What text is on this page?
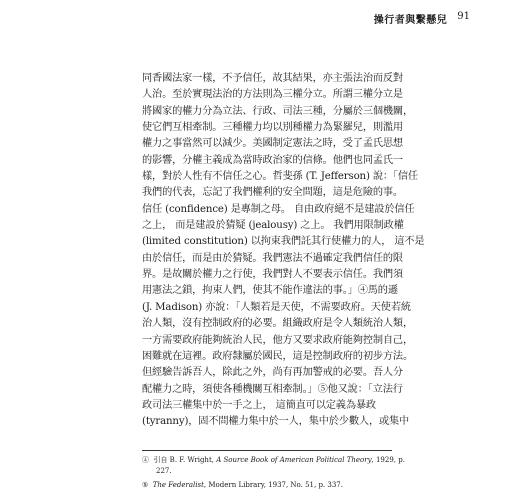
操行者與繫懸兒 91
同香國法家一樣，不予信任，故其結果，亦主張法治而反對
人治。至於實現法治的方法則為三權分立。所謂三權分立是
將國家的權力分為立法、行政、司法三種，分屬於三個機關，
使它們互相牽制。三種權力均以別種權力為緊羅兒，則濫用
權力之事當然可以減少。美國制定憲法之時，受了孟氏思想
的影響，分權主義成為當時政治家的信條。他們也同孟氏一
樣，對於人性有不信任之心。哲斐孫 (T. Jefferson) 說：「信任
我們的代表，忘記了我們權利的安全問題，這是危險的事。
信任 (confidence) 是專制之母。 自由政府絕不是建設於信任
之上， 而是建設於猜疑 (jealousy) 之上。 我們用限制政權
(limited constitution) 以拘束我們託其行使權力的人， 這不是
由於信任，而是由於猜疑。我們憲法不過確定我們信任的限
界。是故關於權力之行使，我們對人不要表示信任。我們須
用憲法之鎖，拘束人們，使其不能作違法的事。」④馬的遜
(J. Madison) 亦說：「人類若是天使，不需要政府。天使若統
治人類，沒有控制政府的必要。組織政府是令人類統治人類，
一方需要政府能夠統治人民，他方又要求政府能夠控制自己，
困難就在這裡。政府隸屬於國民，這是控制政府的初步方法。
但經驗告訴吾人，除此之外，尚有再加警戒的必要。吾人分
配權力之時，須使各種機關互相牽制。」⑤他又說：「立法行
政司法三權集中於一手之上， 這簡直可以定義為暴政
(tyranny)，固不問權力集中於一人，集中於少數人，或集中
④ 引自 B. F. Wright, A Source Book of American Political Theory, 1929, p.
227.
⑤ The Federalist, Modern Library, 1937, No. 51, p. 337.
